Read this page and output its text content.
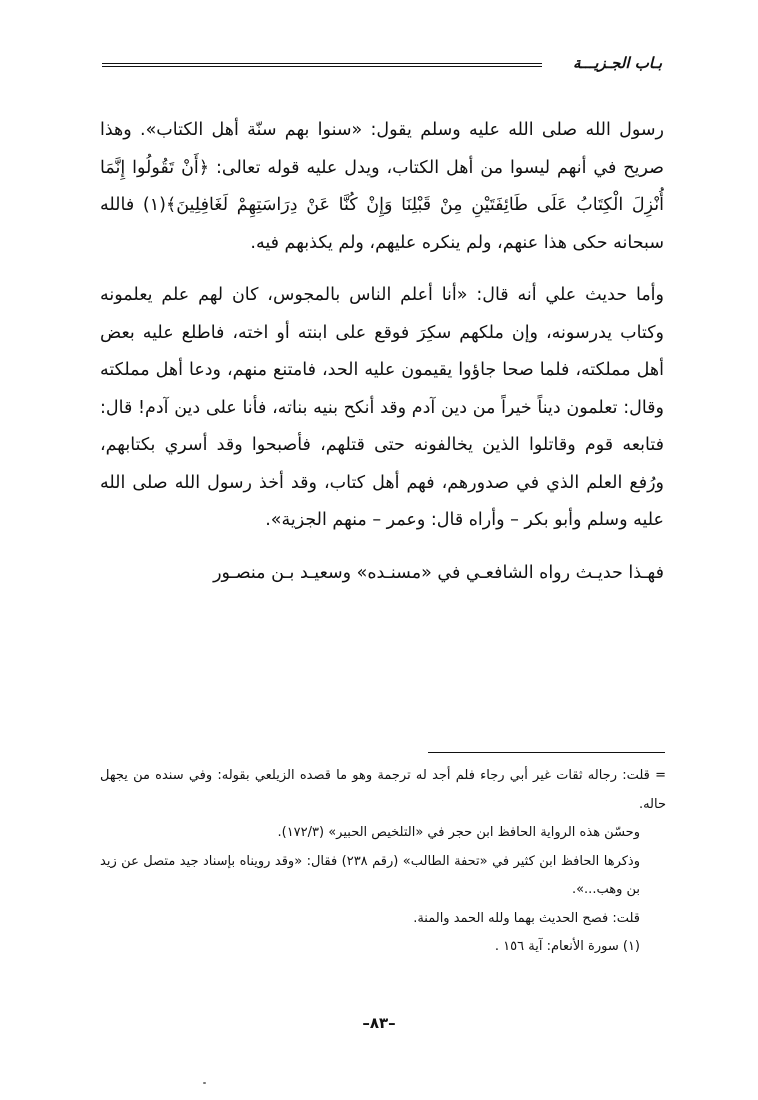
بـاب الجـزيـــة

رسول الله صلى الله عليه وسلم يقول: «سنوا بهم سنّة أهل الكتاب». وهذا صريح في أنهم ليسوا من أهل الكتاب، ويدل عليه قوله تعالى: ﴿أَنْ تَقُولُوا إِنَّمَا أُنْزِلَ الْكِتَابُ عَلَى طَائِفَتَيْنِ مِنْ قَبْلِنَا وَإِنْ كُنَّا عَنْ دِرَاسَتِهِمْ لَغَافِلِينَ﴾(١) فالله سبحانه حكى هذا عنهم، ولم ينكره عليهم، ولم يكذبهم فيه.

وأما حديث علي أنه قال: «أنا أعلم الناس بالمجوس، كان لهم علم يعلمونه وكتاب يدرسونه، وإن ملكهم سكِرَ فوقع على ابنته أو اخته، فاطلع عليه بعض أهل مملكته، فلما صحا جاؤوا يقيمون عليه الحد، فامتنع منهم، ودعا أهل مملكته وقال: تعلمون ديناً خيراً من دين آدم وقد أنكح بنيه بناته، فأنا على دين آدم! قال: فتابعه قوم وقاتلوا الذين يخالفونه حتى قتلهم، فأصبحوا وقد أسري بكتابهم، ورُفع العلم الذي في صدورهم، فهم أهل كتاب، وقد أخذ رسول الله صلى الله عليه وسلم وأبو بكر – وأراه قال: وعمر – منهم الجزية».

فهـذا حديـث رواه الشافعـي في «مسنـده» وسعيـد بـن منصـور

= قلت: رجاله ثقات غير أبي رجاء فلم أجد له ترجمة وهو ما قصده الزيلعي بقوله: وفي سنده من يجهل حاله.

وحسّن هذه الرواية الحافظ ابن حجر في «التلخيص الحبير» (١٧٢/٣).

وذكرها الحافظ ابن كثير في «تحفة الطالب» (رقم ٢٣٨) فقال: «وقد رويناه بإسناد جيد متصل عن زيد بن وهب...».

قلت: فصح الحديث بهما ولله الحمد والمنة.

(١) سورة الأنعام: آية ١٥٦ .

–٨٣–
